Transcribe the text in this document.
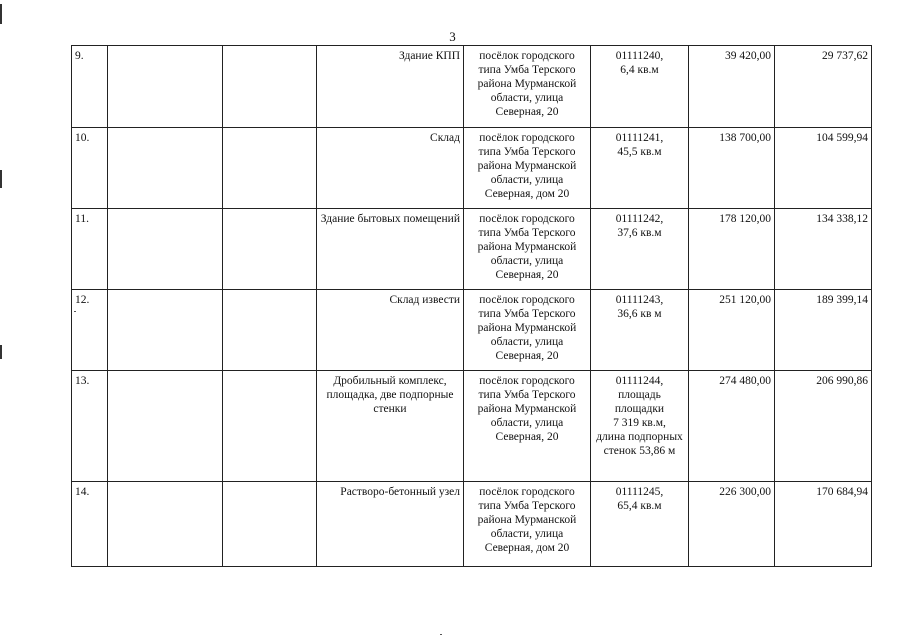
3
9.			Здание КПП	посёлок городского типа Умба Терского района Мурманской области, улица Северная, 20	01111240,
6,4 кв.м	39 420,00	29 737,62
10.			Склад	посёлок городского типа Умба Терского района Мурманской области, улица Северная, дом 20	01111241,
45,5 кв.м	138 700,00	104 599,94
11.			Здание бытовых помещений	посёлок городского типа Умба Терского района Мурманской области, улица Северная, 20	01111242,
37,6 кв.м	178 120,00	134 338,12
12.			Склад извести	посёлок городского типа Умба Терского района Мурманской области, улица Северная, 20	01111243,
36,6 кв м	251 120,00	189 399,14
13.			Дробильный комплекс, площадка, две подпорные стенки	посёлок городского типа Умба Терского района Мурманской области, улица Северная, 20	01111244,
площадь площадки
7 319 кв.м,
длина подпорных стенок 53,86 м	274 480,00	206 990,86
14.			Растворо-бетонный узел	посёлок городского типа Умба Терского района Мурманской области, улица Северная, дом 20	01111245,
65,4 кв.м	226 300,00	170 684,94
